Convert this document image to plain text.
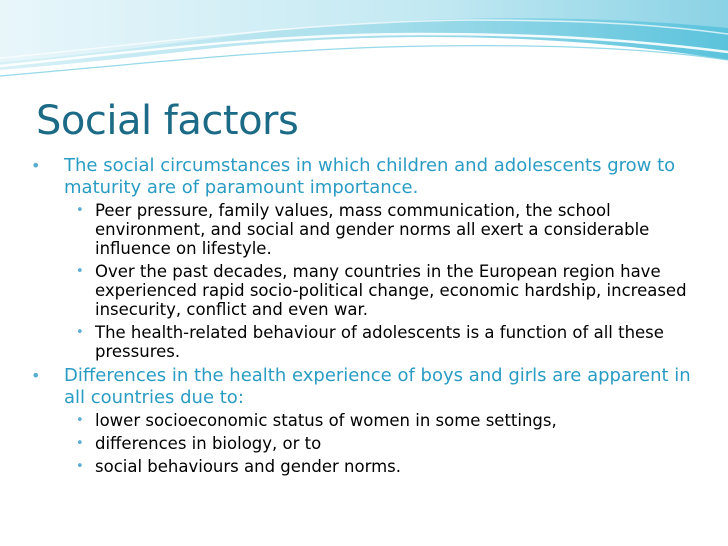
Social factors
• The social circumstances in which children and adolescents grow to maturity are of paramount importance.
• Peer pressure, family values, mass communication, the school environment, and social and gender norms all exert a considerable influence on lifestyle.
• Over the past decades, many countries in the European region have experienced rapid socio-political change, economic hardship, increased insecurity, conflict and even war.
• The health-related behaviour of adolescents is a function of all these pressures.
• Differences in the health experience of boys and girls are apparent in all countries due to:
• lower socioeconomic status of women in some settings,
• differences in biology, or to
• social behaviours and gender norms.
